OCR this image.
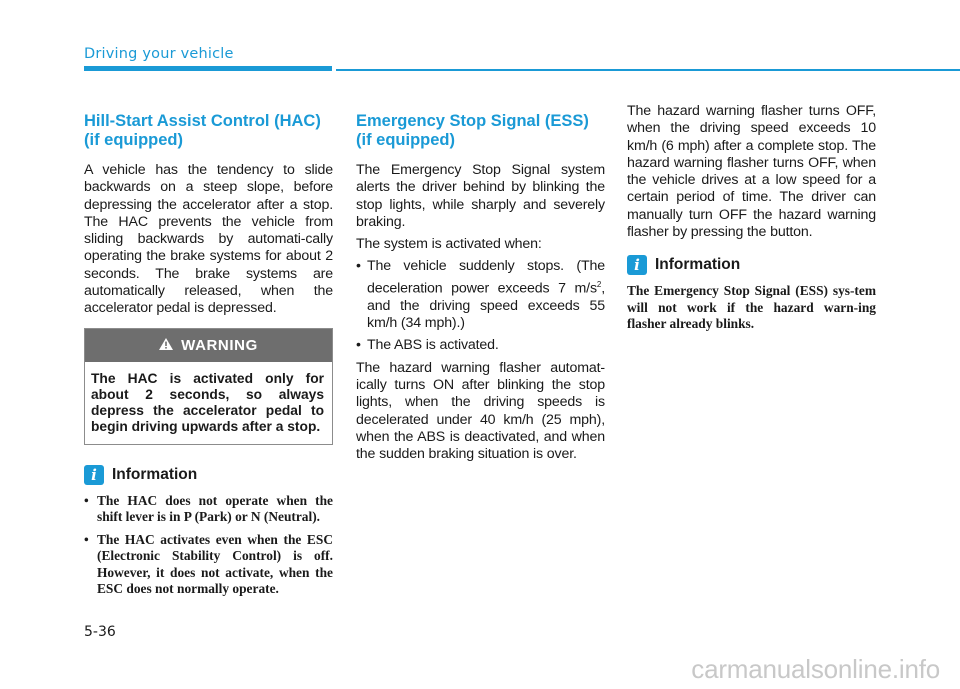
Driving your vehicle
Hill-Start Assist Control (HAC)
(if equipped)

A vehicle has the tendency to slide backwards on a steep slope, before depressing the accelerator after a stop. The HAC prevents the vehicle from sliding backwards by automati-cally operating the brake systems for about 2 seconds. The brake systems are automatically released, when the accelerator pedal is depressed.

WARNING
The HAC is activated only for about 2 seconds, so always depress the accelerator pedal to begin driving upwards after a stop.
i Information
• The HAC does not operate when the shift lever is in P (Park) or N (Neutral).
• The HAC activates even when the ESC (Electronic Stability Control) is off. However, it does not activate, when the ESC does not normally operate.
Emergency Stop Signal (ESS)
(if equipped)

The Emergency Stop Signal system alerts the driver behind by blinking the stop lights, while sharply and severely braking.

The system is activated when:

• The vehicle suddenly stops. (The deceleration power exceeds 7 $m/s^2$, and the driving speed exceeds 55 km/h (34 mph).)
• The ABS is activated.

The hazard warning flasher automat-ically turns ON after blinking the stop lights, when the driving speeds is decelerated under 40 km/h (25 mph), when the ABS is deactivated, and when the sudden braking situation is over.

The hazard warning flasher turns OFF, when the driving speed exceeds 10 km/h (6 mph) after a complete stop. The hazard warning flasher turns OFF, when the vehicle drives at a low speed for a certain period of time. The driver can manually turn OFF the hazard warning flasher by pressing the button.

i Information

The Emergency Stop Signal (ESS) sys-tem will not work if the hazard warn-ing flasher already blinks.

5-36
carmanualsonline.info
